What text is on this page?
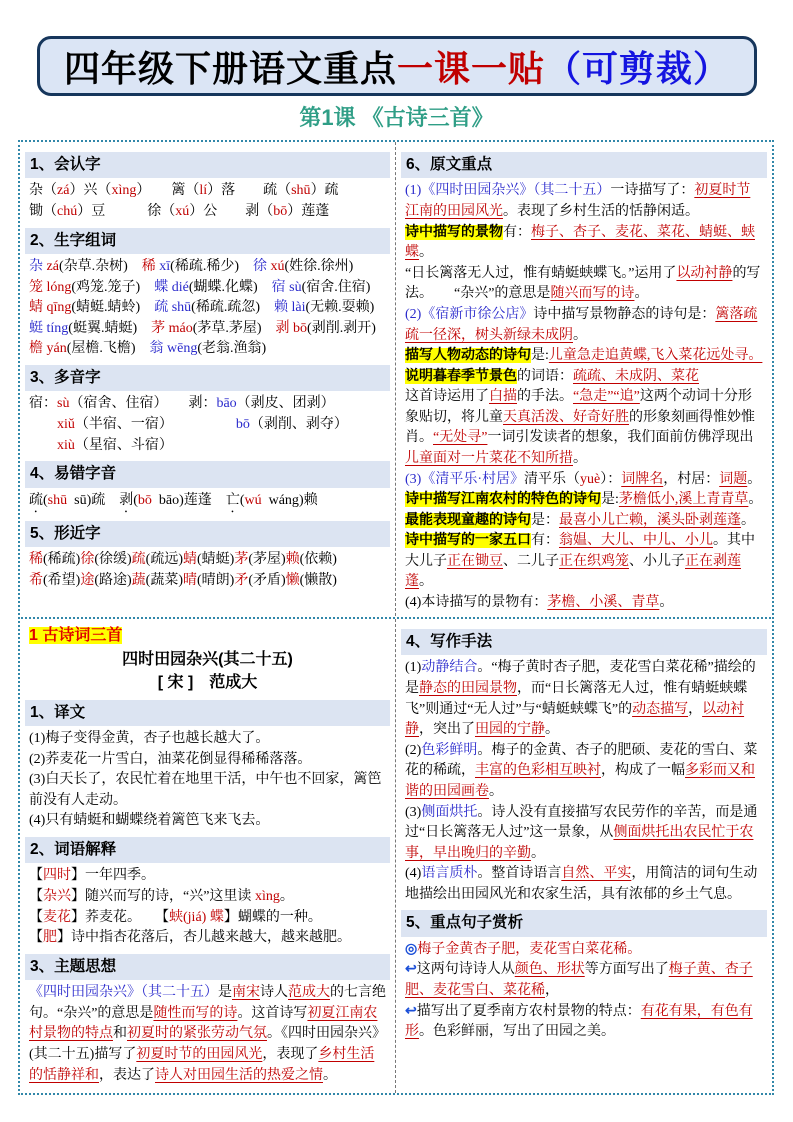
四年级下册语文重点 一课一贴 （可剪裁）
第1课 《古诗三首》
1、会认字
杂（zá）兴（xìng）　　 篱（lí）落　　 疏（shū）疏
锄（chú）豆　　　	徐（xú）公　　 剥（bō）莲蓬
2、生字组词
杂 zá(杂草.杂树)　 稀 xī(稀疏.稀少)　 徐 xú(姓徐.徐州)
笼 lóng(鸡笼.笼子)　 蝶 dié(蝴蝶.化蝶)　 宿 sù(宿舍.住宿)
蜻 qīng(蜻蜓.蜻蛉)　 疏 shū(稀疏.疏忽)　 赖 lài(无赖.耍赖)
蜓 tíng(蜓翼.蜻蜓)　 茅 máo(茅草.茅屋)　 剥 bō(剥削.剥开)
檐 yán(屋檐.飞檐)　 翁 wēng(老翁.渔翁)
3、多音字
宿：sù（宿舍、住宿）　　 剥：bāo（剥皮、团剥）
　　xiǔ（半宿、一宿）　　　　　	bō（剥削、剥夺）
　　xiù（星宿、斗宿）
4、易错字音
疏(shū  sū)疏　 剥(bō  bāo)莲蓬　 亡(wú  wáng)赖
5、形近字
稀(稀疏)徐(徐缓)疏(疏远)蜻(蜻蜓)茅(茅屋)赖(依赖)
希(希望)途(路途)蔬(蔬菜)晴(晴朗)矛(矛盾)懒(懒散)
6、原文重点
(1)《四时田园杂兴》（其二十五）一诗描写了：初夏时节江南的田园风光。表现了乡村生活的恬静闲适。
诗中描写的景物有：梅子、杏子、麦花、菜花、蜻蜓、蛱蝶。
“日长篱落无人过，惟有蜻蜓蛱蝶飞。”运用了以动衬静的写法。　　“杂兴”的意思是随兴而写的诗。
(2)《宿新市徐公店》诗中描写景物静态的诗句是：篱落疏疏一径深，树头新绿未成阴。
描写人物动态的诗句是:儿童急走追黄蝶,飞入菜花远处寻。
说明暮春季节景色的词语：疏疏、未成阴、菜花
这首诗运用了白描的手法。“急走”“追”这两个动词十分形象贴切，将儿童天真活泼、好奇好胜的形象刻画得惟妙惟肖。“无处寻”一词引发读者的想象，我们面前仿佛浮现出儿童面对一片菜花不知所措。
(3)《清平乐·村居》清平乐（yuè）：词牌名，村居：词题。
诗中描写江南农村的特色的诗句是:茅檐低小,溪上青青草。
最能表现童趣的诗句是：最喜小儿亡赖，溪头卧剥莲蓬。
诗中描写的一家五口有：翁媪、大儿、中儿、小儿。其中大儿子正在锄豆、二儿子正在织鸡笼、小儿子正在剥莲蓬。
(4)本诗描写的景物有：茅檐、小溪、青草。
1 古诗词三首
四时田园杂兴(其二十五)
[ 宋 ]　范成大
1、译文
(1)梅子变得金黄，杏子也越长越大了。
(2)荞麦花一片雪白，油菜花倒显得稀稀落落。
(3)白天长了，农民忙着在地里干活，中午也不回家，篱笆前没有人走动。
(4)只有蜻蜓和蝴蝶绕着篱笆飞来飞去。
2、词语解释
【四时】一年四季。
【杂兴】随兴而写的诗，“兴”这里读 xìng。
【麦花】荞麦花。　　【蛱(jiá) 蝶】蝴蝶的一种。
【肥】诗中指杏花落后，杏儿越来越大，越来越肥。
3、主题思想
《四时田园杂兴》（其二十五）是南宋诗人范成大的七言绝句。“杂兴”的意思是随性而写的诗。这首诗写初夏江南农村景物的特点和初夏时的紧张劳动气氛。《四时田园杂兴》(其二十五)描写了初夏时节的田园风光，表现了乡村生活的恬静祥和，表达了诗人对田园生活的热爱之情。
4、写作手法
(1)动静结合。“梅子黄时杏子肥，麦花雪白菜花稀”描绘的是静态的田园景物，而“日长篱落无人过，惟有蜻蜓蛱蝶飞”则通过“无人过”与“蜻蜓蛱蝶飞”的动态描写，以动衬静，突出了田园的宁静。
(2)色彩鲜明。梅子的金黄、杏子的肥硕、麦花的雪白、菜花的稀疏，丰富的色彩相互映衬，构成了一幅多彩而又和谐的田园画卷。
(3)侧面烘托。诗人没有直接描写农民劳作的辛苦，而是通过“日长篱落无人过”这一景象，从侧面烘托出农民忙于农事，早出晚归的辛勤。
(4)语言质朴。整首诗语言自然、平实，用简洁的词句生动地描绘出田园风光和农家生活，具有浓郁的乡土气息。
5、重点句子赏析
◎梅子金黄杏子肥，麦花雪白菜花稀。
↩这两句诗诗人从颜色、形状等方面写出了梅子黄、杏子肥、麦花雪白、菜花稀，
↩描写出了夏季南方农村景物的特点：有花有果，有色有形。色彩鲜丽，写出了田园之美。
